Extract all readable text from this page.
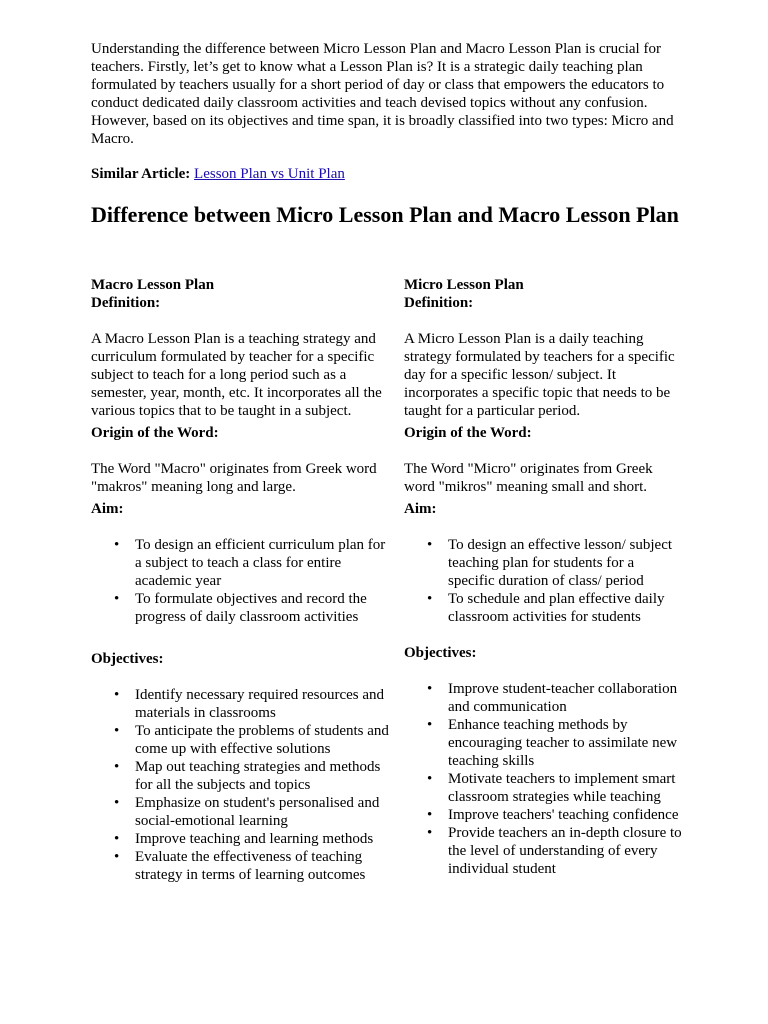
Understanding the difference between Micro Lesson Plan and Macro Lesson Plan is crucial for teachers. Firstly, let’s get to know what a Lesson Plan is? It is a strategic daily teaching plan formulated by teachers usually for a short period of day or class that empowers the educators to conduct dedicated daily classroom activities and teach devised topics without any confusion. However, based on its objectives and time span, it is broadly classified into two types: Micro and Macro.

Similar Article: Lesson Plan vs Unit Plan

Difference between Micro Lesson Plan and Macro Lesson Plan

Macro Lesson Plan

Definition:

A Macro Lesson Plan is a teaching strategy and curriculum formulated by teacher for a specific subject to teach for a long period such as a semester, year, month, etc. It incorporates all the various topics that to be taught in a subject.

Origin of the Word:

The Word "Macro" originates from Greek word "makros" meaning long and large.

Aim:

• To design an efficient curriculum plan for a subject to teach a class for entire academic year
• To formulate objectives and record the progress of daily classroom activities

Objectives:

• Identify necessary required resources and materials in classrooms
• To anticipate the problems of students and come up with effective solutions
• Map out teaching strategies and methods for all the subjects and topics
• Emphasize on student's personalised and social-emotional learning
• Improve teaching and learning methods
• Evaluate the effectiveness of teaching strategy in terms of learning outcomes

Micro Lesson Plan

Definition:

A Micro Lesson Plan is a daily teaching strategy formulated by teachers for a specific day for a specific lesson/ subject. It incorporates a specific topic that needs to be taught for a particular period.

Origin of the Word:

The Word "Micro" originates from Greek word "mikros" meaning small and short.

Aim:

• To design an effective lesson/ subject teaching plan for students for a specific duration of class/ period
• To schedule and plan effective daily classroom activities for students

Objectives:

• Improve student-teacher collaboration and communication
• Enhance teaching methods by encouraging teacher to assimilate new teaching skills
• Motivate teachers to implement smart classroom strategies while teaching
• Improve teachers' teaching confidence
• Provide teachers an in-depth closure to the level of understanding of every individual student
